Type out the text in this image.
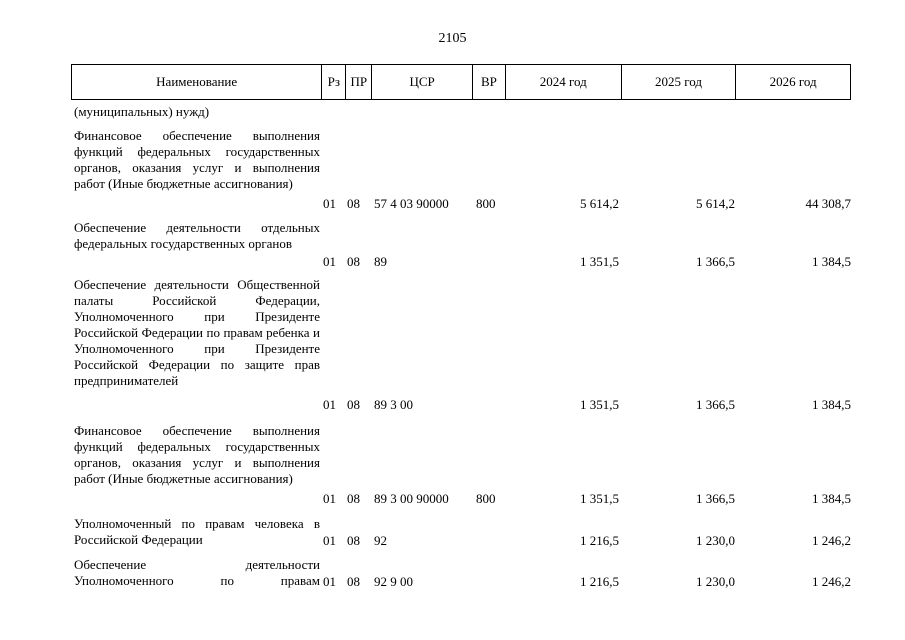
2105
Наименование	Рз ПР	ЦСР	ВР	2024 год	2025 год	2026 год
(муниципальных) нужд)
Финансовое обеспечение выполнения функций федеральных государственных органов, оказания услуг и выполнения работ (Иные бюджетные ассигнования)
01 08	57 4 03 90000	800	5 614,2	5 614,2	44 308,7
Обеспечение деятельности отдельных федеральных государственных органов
01 08	89	1 351,5	1 366,5	1 384,5
Обеспечение деятельности Общественной палаты Российской Федерации, Уполномоченного при Президенте Российской Федерации по правам ребенка и Уполномоченного при Президенте Российской Федерации по защите прав предпринимателей
01 08	89 3 00	1 351,5	1 366,5	1 384,5
Финансовое обеспечение выполнения функций федеральных государственных органов, оказания услуг и выполнения работ (Иные бюджетные ассигнования)
01 08	89 3 00 90000	800	1 351,5	1 366,5	1 384,5
Уполномоченный по правам человека в Российской Федерации	01 08	92	1 216,5	1 230,0	1 246,2
Обеспечение деятельности Уполномоченного по правам 01 08	92 9 00	1 216,5	1 230,0	1 246,2
